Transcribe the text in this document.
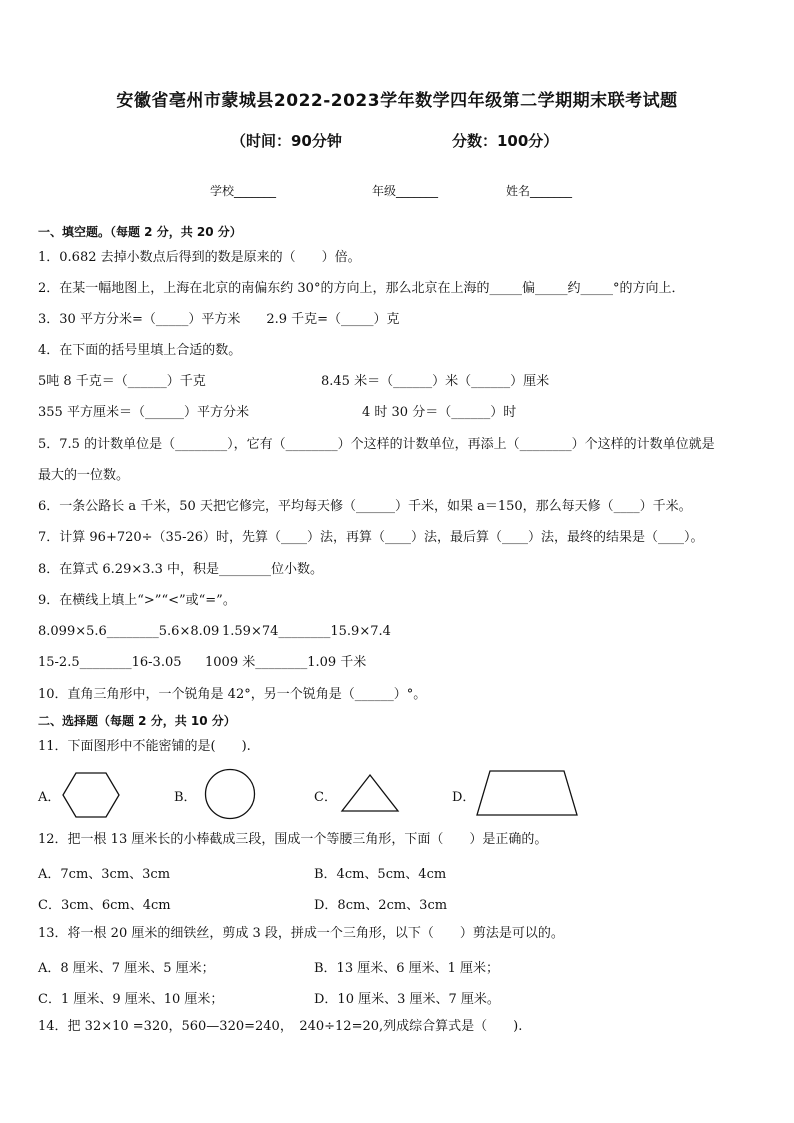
安徽省亳州市蒙城县2022-2023学年数学四年级第二学期期末联考试题
（时间：90分钟	分数：100分）
学校_______	年级_______	姓名_______
一、填空题。（每题 2 分，共 20 分）
1．0.682 去掉小数点后得到的数是原来的（　　）倍。
2．在某一幅地图上，上海在北京的南偏东约 30°的方向上，那么北京在上海的_____偏_____约_____°的方向上．
3．30 平方分米=（_____）平方米　　2.9 千克=（_____）克
4．在下面的括号里填上合适的数。
5吨 8 千克＝（______）千克	8.45 米＝（______）米（______）厘米
355 平方厘米＝（______）平方分米	4 时 30 分＝（______）时
5．7.5 的计数单位是（________），它有（________）个这样的计数单位，再添上（________）个这样的计数单位就是
最大的一位数。
6．一条公路长 a 千米，50 天把它修完，平均每天修（______）千米，如果 a＝150，那么每天修（____）千米。
7．计算 96+720÷（35-26）时，先算（____）法，再算（____）法，最后算（____）法，最终的结果是（____）。
8．在算式 6.29×3.3 中，积是________位小数。
9．在横线上填上“>”“<”或“=”。
8.099×5.6________5.6×8.09 1.59×74________15.9×7.4
15-2.5________16-3.05 1009 米________1.09 千米
10．直角三角形中，一个锐角是 42°，另一个锐角是（______）°。
二、选择题（每题 2 分，共 10 分）
11．下面图形中不能密铺的是(　　).
A．	B．	C．	D．
12．把一根 13 厘米长的小棒截成三段，围成一个等腰三角形，下面（　　）是正确的。
A．7cm、3cm、3cm	B．4cm、5cm、4cm
C．3cm、6cm、4cm	D．8cm、2cm、3cm
13．将一根 20 厘米的细铁丝，剪成 3 段，拼成一个三角形，以下（　　）剪法是可以的。
A．8 厘米、7 厘米、5 厘米；	B．13 厘米、6 厘米、1 厘米；
C．1 厘米、9 厘米、10 厘米；	D．10 厘米、3 厘米、7 厘米。
14．把 32×10 =320，560—320=240，　240÷12=20,列成综合算式是（　　).
